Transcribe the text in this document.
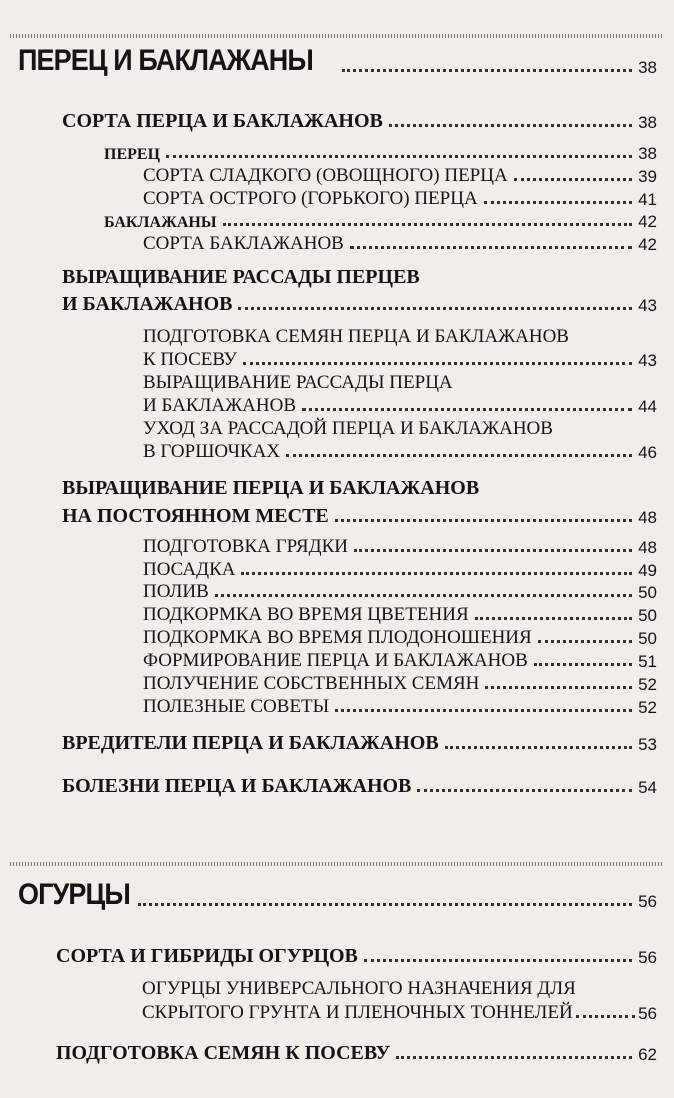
ПЕРЕЦ И БАКЛАЖАНЫ	38
СОРТА ПЕРЦА И БАКЛАЖАНОВ	38
ПЕРЕЦ	38
СОРТА СЛАДКОГО (ОВОЩНОГО) ПЕРЦА	39
СОРТА ОСТРОГО (ГОРЬКОГО) ПЕРЦА	41
БАКЛАЖАНЫ	42
СОРТА БАКЛАЖАНОВ	42
ВЫРАЩИВАНИЕ РАССАДЫ ПЕРЦЕВ
И БАКЛАЖАНОВ	43
ПОДГОТОВКА СЕМЯН ПЕРЦА И БАКЛАЖАНОВ
К ПОСЕВУ	43
ВЫРАЩИВАНИЕ РАССАДЫ ПЕРЦА
И БАКЛАЖАНОВ	44
УХОД ЗА РАССАДОЙ ПЕРЦА И БАКЛАЖАНОВ
В ГОРШОЧКАХ	46
ВЫРАЩИВАНИЕ ПЕРЦА И БАКЛАЖАНОВ
НА ПОСТОЯННОМ МЕСТЕ	48
ПОДГОТОВКА ГРЯДКИ	48
ПОСАДКА	49
ПОЛИВ	50
ПОДКОРМКА ВО ВРЕМЯ ЦВЕТЕНИЯ	50
ПОДКОРМКА ВО ВРЕМЯ ПЛОДОНОШЕНИЯ	50
ФОРМИРОВАНИЕ ПЕРЦА И БАКЛАЖАНОВ	51
ПОЛУЧЕНИЕ СОБСТВЕННЫХ СЕМЯН	52
ПОЛЕЗНЫЕ СОВЕТЫ	52
ВРЕДИТЕЛИ ПЕРЦА И БАКЛАЖАНОВ	53
БОЛЕЗНИ ПЕРЦА И БАКЛАЖАНОВ	54
ОГУРЦЫ	56
СОРТА И ГИБРИДЫ ОГУРЦОВ	56
ОГУРЦЫ УНИВЕРСАЛЬНОГО НАЗНАЧЕНИЯ ДЛЯ
СКРЫТОГО ГРУНТА И ПЛЕНОЧНЫХ ТОННЕЛЕЙ	56
ПОДГОТОВКА СЕМЯН К ПОСЕВУ	62
